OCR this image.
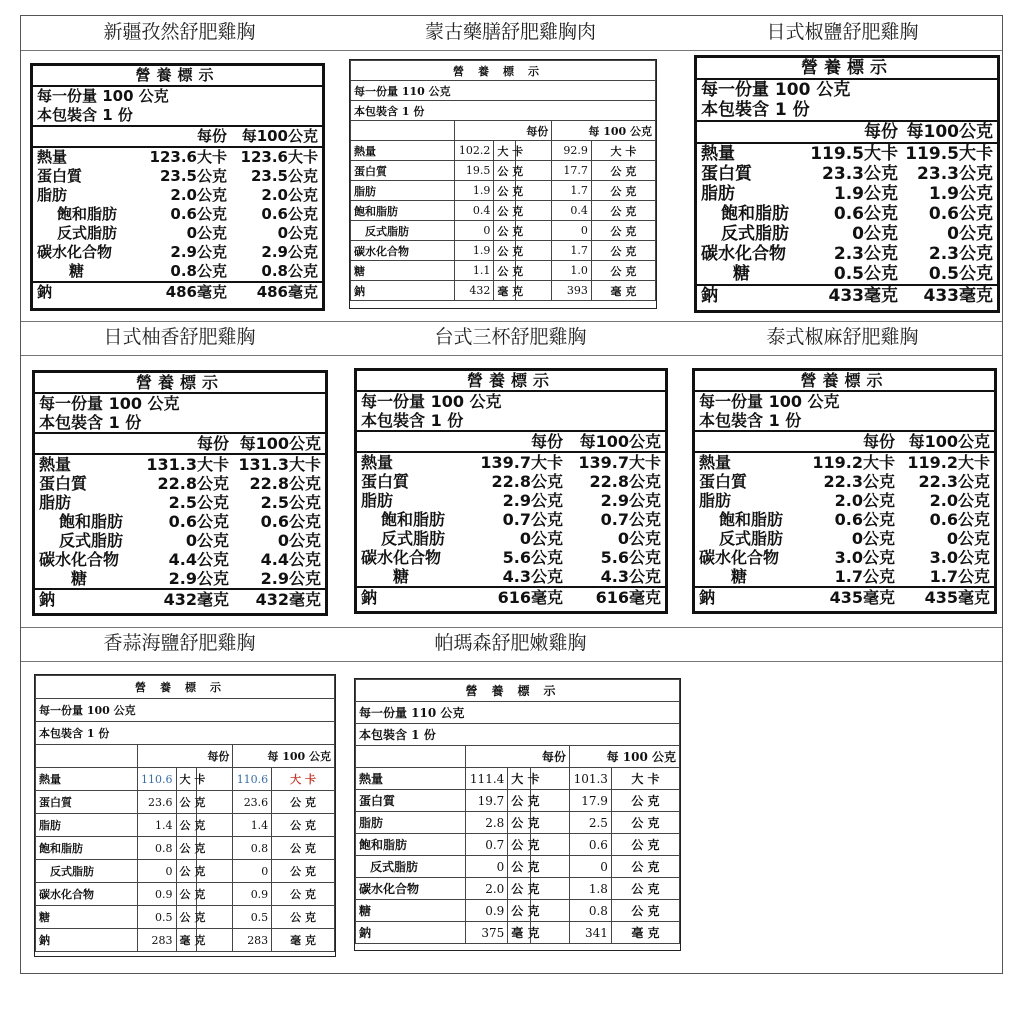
新疆孜然舒肥雞胸
營養標示
每一份量 100 公克
本包裝含 1 份
每份 每100公克
熱量	123.6大卡 123.6大卡
蛋白質	23.5公克 23.5公克
脂肪	2.0公克 2.0公克
飽和脂肪	0.6公克 0.6公克
反式脂肪	0公克	0公克
碳水化合物	2.9公克 2.9公克
糖	0.8公克 0.8公克
鈉	486毫克 486毫克
蒙古藥膳舒肥雞胸肉
營養標示					
每一份量 110 公克					
本包裝含 1 份					
	每份			每 100 公克	
熱量	102.2	大 卡		92.9	大 卡
蛋白質	19.5	公 克		17.7	公 克
脂肪	1.9	公 克		1.7	公 克
飽和脂肪	0.4	公 克		0.4	公 克
反式脂肪	0	公 克		0	公 克
碳水化合物	1.9	公 克		1.7	公 克
糖	1.1	公 克		1.0	公 克
鈉	432	毫 克		393	毫 克
日式椒鹽舒肥雞胸
營養標示
每一份量 100 公克
本包裝含 1 份
每份 每100公克
熱量	119.5大卡 119.5大卡
蛋白質	23.3公克 23.3公克
脂肪	1.9公克 1.9公克
飽和脂肪	0.6公克 0.6公克
反式脂肪	0公克	0公克
碳水化合物	2.3公克 2.3公克
糖	0.5公克 0.5公克
鈉	433毫克 433毫克
日式柚香舒肥雞胸
營養標示
每一份量 100 公克
本包裝含 1 份
每份 每100公克
熱量	131.3大卡 131.3大卡
蛋白質	22.8公克 22.8公克
脂肪	2.5公克 2.5公克
飽和脂肪	0.6公克 0.6公克
反式脂肪	0公克	0公克
碳水化合物	4.4公克 4.4公克
糖	2.9公克 2.9公克
鈉	432毫克 432毫克
台式三杯舒肥雞胸
營養標示
每一份量 100 公克
本包裝含 1 份
每份 每100公克
熱量	139.7大卡 139.7大卡
蛋白質	22.8公克 22.8公克
脂肪	2.9公克 2.9公克
飽和脂肪	0.7公克 0.7公克
反式脂肪	0公克	0公克
碳水化合物	5.6公克 5.6公克
糖	4.3公克 4.3公克
鈉	616毫克 616毫克
泰式椒麻舒肥雞胸
營養標示
每一份量 100 公克
本包裝含 1 份
每份 每100公克
熱量	119.2大卡 119.2大卡
蛋白質	22.3公克 22.3公克
脂肪	2.0公克 2.0公克
飽和脂肪	0.6公克 0.6公克
反式脂肪	0公克	0公克
碳水化合物	3.0公克 3.0公克
糖	1.7公克 1.7公克
鈉	435毫克 435毫克
香蒜海鹽舒肥雞胸
營養標示					
每一份量 100 公克					
本包裝含 1 份					
	每份			每 100 公克	
熱量	110.6	大 卡		110.6	大 卡
蛋白質	23.6	公 克		23.6	公 克
脂肪	1.4	公 克		1.4	公 克
飽和脂肪	0.8	公 克		0.8	公 克
反式脂肪	0	公 克		0	公 克
碳水化合物	0.9	公 克		0.9	公 克
糖	0.5	公 克		0.5	公 克
鈉	283	毫 克		283	毫 克
帕瑪森舒肥嫩雞胸
營養標示					
每一份量 110 公克					
本包裝含 1 份					
	每份			每 100 公克	
熱量	111.4	大 卡		101.3	大 卡
蛋白質	19.7	公 克		17.9	公 克
脂肪	2.8	公 克		2.5	公 克
飽和脂肪	0.7	公 克		0.6	公 克
反式脂肪	0	公 克		0	公 克
碳水化合物	2.0	公 克		1.8	公 克
糖	0.9	公 克		0.8	公 克
鈉	375	毫 克		341	毫 克
